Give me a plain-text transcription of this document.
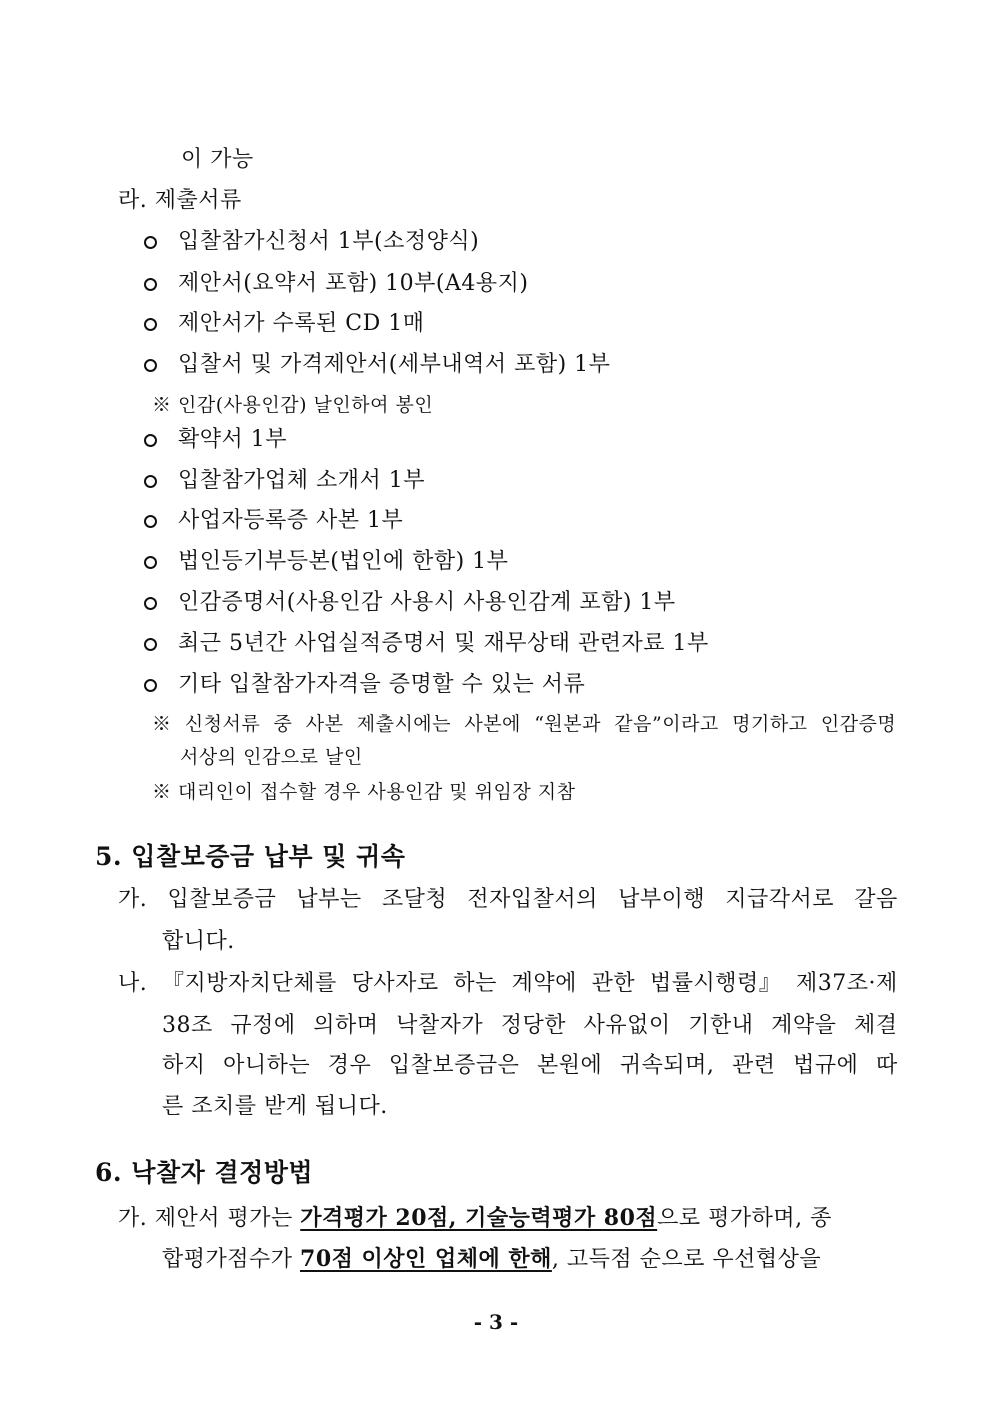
이 가능
라. 제출서류
입찰참가신청서 1부(소정양식)
제안서(요약서 포함) 10부(A4용지)
제안서가 수록된 CD 1매
입찰서 및 가격제안서(세부내역서 포함) 1부
※ 인감(사용인감) 날인하여 봉인
확약서 1부
입찰참가업체 소개서 1부
사업자등록증 사본 1부
법인등기부등본(법인에 한함) 1부
인감증명서(사용인감 사용시 사용인감계 포함) 1부
최근 5년간 사업실적증명서 및 재무상태 관련자료 1부
기타 입찰참가자격을 증명할 수 있는 서류
※ 신청서류 중 사본 제출시에는 사본에 “원본과 같음”이라고 명기하고 인감증명
서상의 인감으로 날인
※ 대리인이 접수할 경우 사용인감 및 위임장 지참
5. 입찰보증금 납부 및 귀속
가. 입찰보증금 납부는 조달청 전자입찰서의 납부이행 지급각서로 갈음
합니다.
나. 『지방자치단체를 당사자로 하는 계약에 관한 법률시행령』 제37조·제
38조 규정에 의하며 낙찰자가 정당한 사유없이 기한내 계약을 체결
하지 아니하는 경우 입찰보증금은 본원에 귀속되며, 관련 법규에 따
른 조치를 받게 됩니다.
6. 낙찰자 결정방법
가. 제안서 평가는 가격평가 20점, 기술능력평가 80점으로 평가하며, 종
합평가점수가 70점 이상인 업체에 한해, 고득점 순으로 우선협상을
- 3 -
